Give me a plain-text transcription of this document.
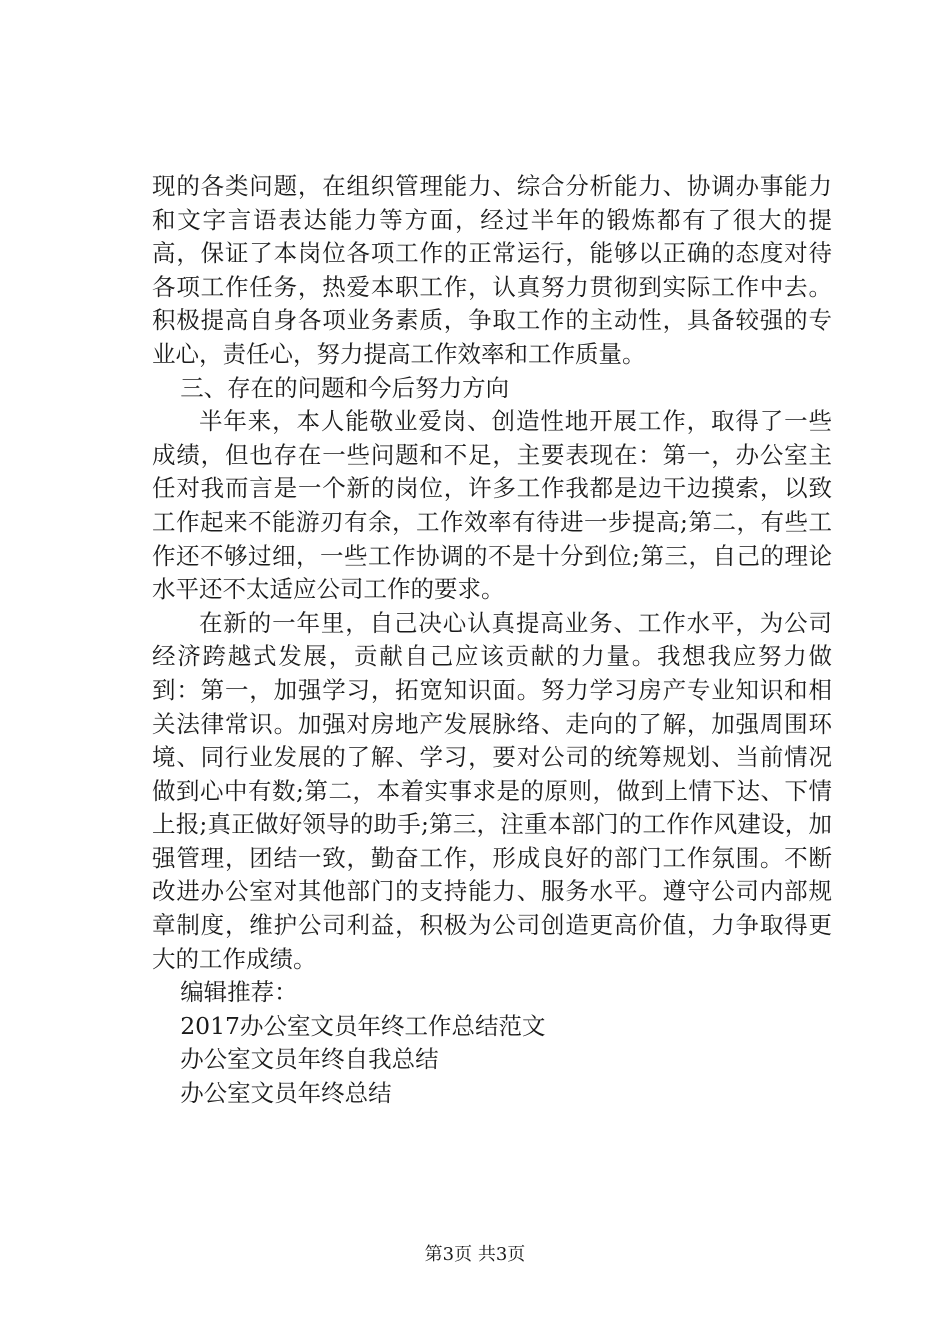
现的各类问题，在组织管理能力、综合分析能力、协调办事能力和文字言语表达能力等方面，经过半年的锻炼都有了很大的提高，保证了本岗位各项工作的正常运行，能够以正确的态度对待各项工作任务，热爱本职工作，认真努力贯彻到实际工作中去。积极提高自身各项业务素质，争取工作的主动性，具备较强的专业心，责任心，努力提高工作效率和工作质量。

三、存在的问题和今后努力方向

半年来，本人能敬业爱岗、创造性地开展工作，取得了一些成绩，但也存在一些问题和不足，主要表现在：第一，办公室主任对我而言是一个新的岗位，许多工作我都是边干边摸索，以致工作起来不能游刃有余，工作效率有待进一步提高;第二，有些工作还不够过细，一些工作协调的不是十分到位;第三，自己的理论水平还不太适应公司工作的要求。

在新的一年里，自己决心认真提高业务、工作水平，为公司经济跨越式发展，贡献自己应该贡献的力量。我想我应努力做到：第一，加强学习，拓宽知识面。努力学习房产专业知识和相关法律常识。加强对房地产发展脉络、走向的了解，加强周围环境、同行业发展的了解、学习，要对公司的统筹规划、当前情况做到心中有数;第二，本着实事求是的原则，做到上情下达、下情上报;真正做好领导的助手;第三，注重本部门的工作作风建设，加强管理，团结一致，勤奋工作，形成良好的部门工作氛围。不断改进办公室对其他部门的支持能力、服务水平。遵守公司内部规章制度，维护公司利益，积极为公司创造更高价值，力争取得更大的工作成绩。

编辑推荐：

2017办公室文员年终工作总结范文

办公室文员年终自我总结

办公室文员年终总结

第3页 共3页
